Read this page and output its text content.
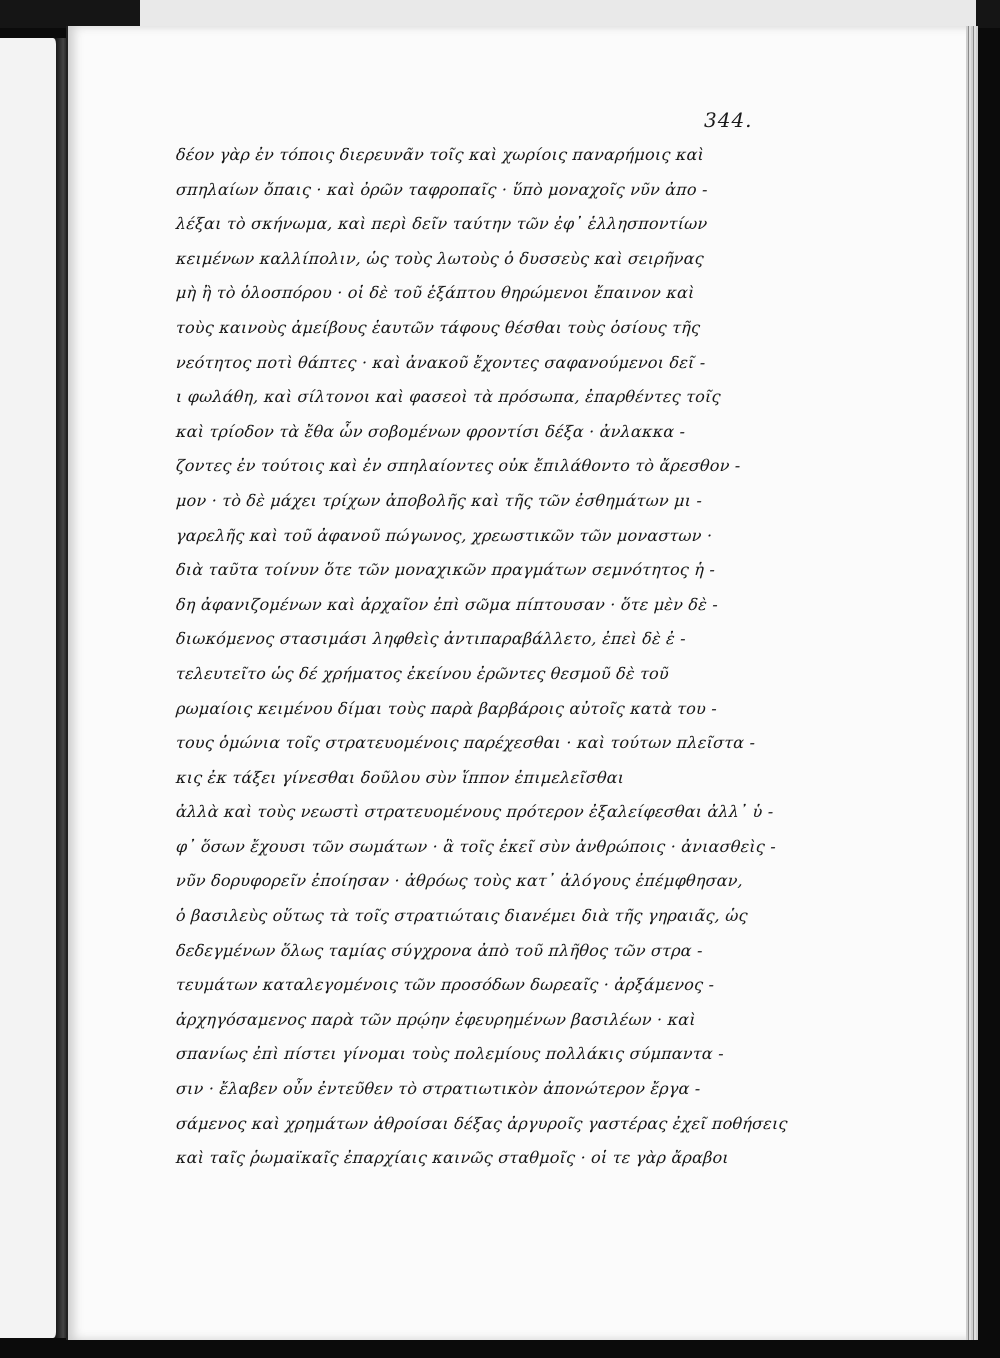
344.
δέον γὰρ ἐν τόποις διερευνᾶν τοῖς καὶ χωρίοις παναρήμοις καὶ
σπηλαίων ὄπαις · καὶ ὀρῶν ταφροπαῖς · ὕπὸ μοναχοῖς νῦν ἀπο -
λέξαι τὸ σκήνωμα, καὶ περὶ δεῖν ταύτην τῶν ἐφ᾽ ἑλλησποντίων
κειμένων καλλίπολιν, ὡς τοὺς λωτοὺς ὁ δυσσεὺς καὶ σειρῆνας
μὴ ἢ τὸ ὁλοσπόρου · οἱ δὲ τοῦ ἑξάπτου θηρώμενοι ἔπαινον καὶ
τοὺς καινοὺς ἀμείβους ἑαυτῶν τάφους θέσθαι τοὺς ὁσίους τῆς
νεότητος ποτὶ θάπτες · καὶ ἀνακοῦ ἔχοντες σαφανούμενοι δεῖ -
ι φωλάθη, καὶ σίλτονοι καὶ φασεοὶ τὰ πρόσωπα, ἐπαρθέντες τοῖς
καὶ τρίοδον τὰ ἔθα ὧν σοβομένων φροντίσι δέξα · ἀνλακκα -
ζοντες ἐν τούτοις καὶ ἐν σπηλαίοντες οὐκ ἔπιλάθοντο τὸ ἄρεσθον -
μον · τὸ δὲ μάχει τρίχων ἀποβολῆς καὶ τῆς τῶν ἐσθημάτων μι -
γαρελῆς καὶ τοῦ ἀφανοῦ πώγωνος, χρεωστικῶν τῶν μοναστων ·
διὰ ταῦτα τοίνυν ὅτε τῶν μοναχικῶν πραγμάτων σεμνότητος ἡ -
δη ἀφανιζομένων καὶ ἀρχαῖον ἐπὶ σῶμα πίπτουσαν · ὅτε μὲν δὲ -
διωκόμενος στασιμάσι ληφθεὶς ἀντιπαραβάλλετο, ἐπεὶ δὲ ἐ -
τελευτεῖτο ὡς δέ χρήματος ἐκείνου ἐρῶντες θεσμοῦ δὲ τοῦ
ρωμαίοις κειμένου δίμαι τοὺς παρὰ βαρβάροις αὐτοῖς κατὰ του -
τους ὁμώνια τοῖς στρατευομένοις παρέχεσθαι · καὶ τούτων πλεῖστα -
κις ἐκ τάξει γίνεσθαι δοῦλου σὺν ἵππον ἐπιμελεῖσθαι
ἀλλὰ καὶ τοὺς νεωστὶ στρατευομένους πρότερον ἐξαλείφεσθαι ἀλλ᾽ ὑ -
φ᾽ ὅσων ἔχουσι τῶν σωμάτων · ἃ τοῖς ἐκεῖ σὺν ἀνθρώποις · ἀνιασθεὶς -
νῦν δορυφορεῖν ἐποίησαν · ἀθρόως τοὺς κατ᾽ ἀλόγους ἐπέμφθησαν,
ὁ βασιλεὺς οὕτως τὰ τοῖς στρατιώταις διανέμει διὰ τῆς γηραιᾶς, ὡς
δεδεγμένων ὅλως ταμίας σύγχρονα ἀπὸ τοῦ πλῆθος τῶν στρα -
τευμάτων καταλεγομένοις τῶν προσόδων δωρεαῖς · ἀρξάμενος -
ἀρχηγόσαμενος παρὰ τῶν πρῴην ἐφευρημένων βασιλέων · καὶ
σπανίως ἐπὶ πίστει γίνομαι τοὺς πολεμίους πολλάκις σύμπαντα -
σιν · ἔλαβεν οὖν ἐντεῦθεν τὸ στρατιωτικὸν ἀπονώτερον ἔργα -
σάμενος καὶ χρημάτων ἀθροίσαι δέξας ἀργυροῖς γαστέρας ἐχεῖ ποθήσεις
καὶ ταῖς ῥωμαϊκαῖς ἐπαρχίαις καινῶς σταθμοῖς · οἱ τε γὰρ ἄραβοι
